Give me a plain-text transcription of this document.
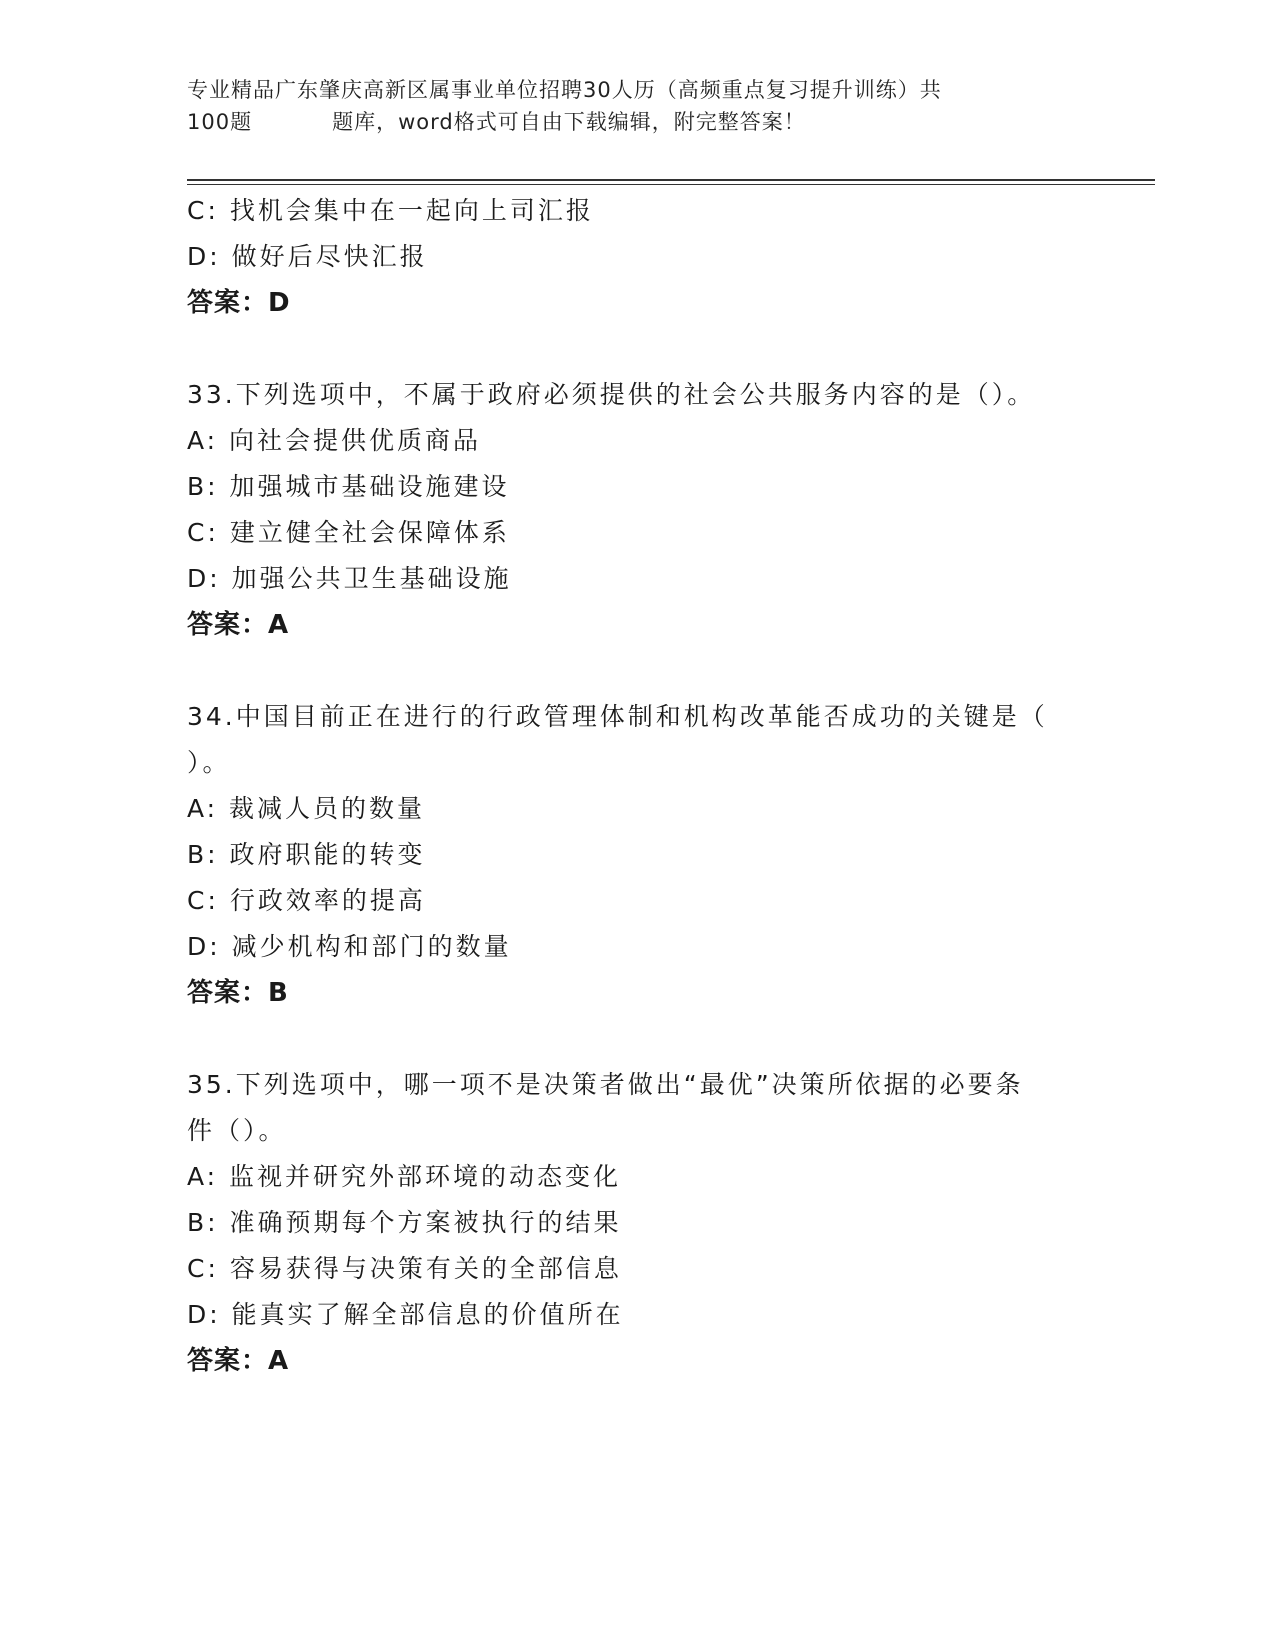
专业精品广东肇庆高新区属事业单位招聘30人历（高频重点复习提升训练）共
100题	题库，word格式可自由下载编辑，附完整答案！
C: 找机会集中在一起向上司汇报
D: 做好后尽快汇报
答案：D
33.下列选项中，不属于政府必须提供的社会公共服务内容的是（）。
A: 向社会提供优质商品
B: 加强城市基础设施建设
C: 建立健全社会保障体系
D: 加强公共卫生基础设施
答案：A
34.中国目前正在进行的行政管理体制和机构改革能否成功的关键是（
）。
A: 裁减人员的数量
B: 政府职能的转变
C: 行政效率的提高
D: 减少机构和部门的数量
答案：B
35.下列选项中，哪一项不是决策者做出“最优”决策所依据的必要条
件（）。
A: 监视并研究外部环境的动态变化
B: 准确预期每个方案被执行的结果
C: 容易获得与决策有关的全部信息
D: 能真实了解全部信息的价值所在
答案：A
